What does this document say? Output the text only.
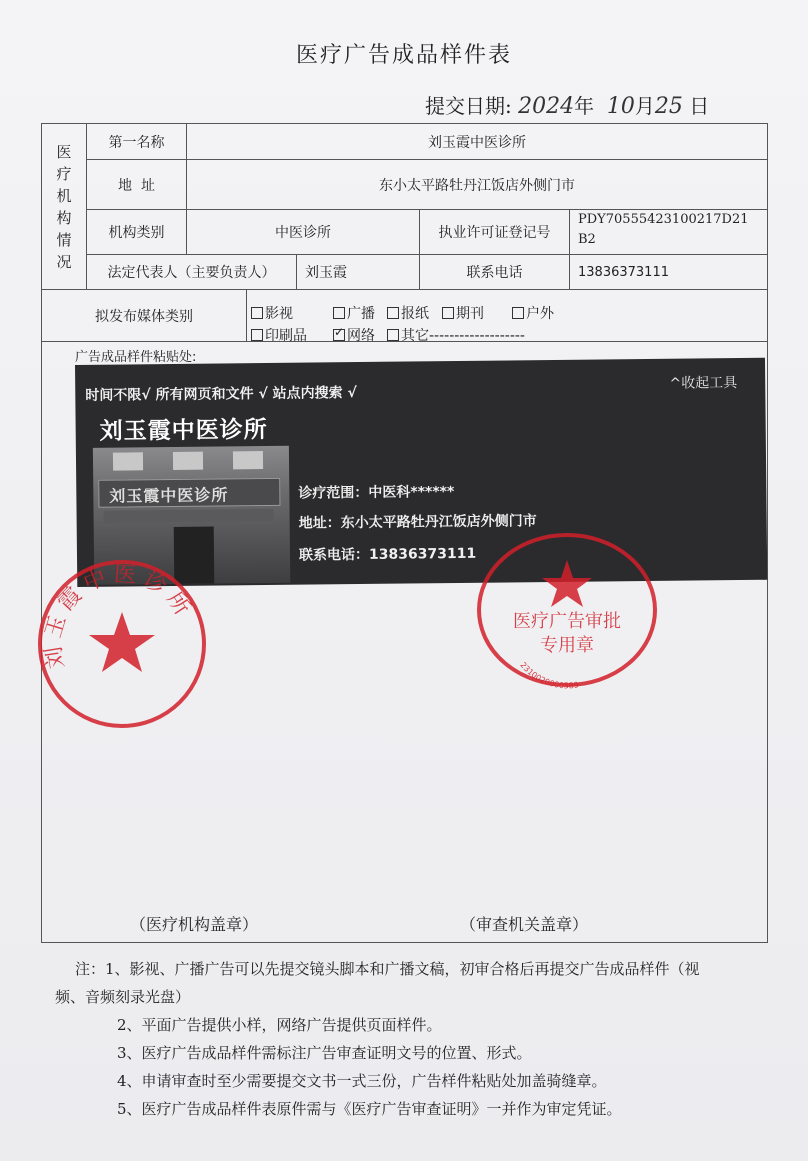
医疗广告成品样件表
提交日期: 2024年 10月25 日
医
疗
机
构
情
况
第一名称	刘玉霞中医诊所
地  址	东小太平路牡丹江饭店外侧门市
机构类别	中医诊所	执业许可证登记号
PDY70555423100217D21
B2
法定代表人（主要负责人）	刘玉霞	联系电话	13836373111
拟发布媒体类别	影视	广播	报纸	期刊	户外
印刷品
✓	网络	其它-------------------
广告成品样件粘贴处:
时间不限√ 所有网页和文件 √ 站点内搜索 √
^收起工具
刘玉霞中医诊所
刘玉霞中医诊所	诊疗范围：中医科******
地址：东小太平路牡丹江饭店外侧门市
联系电话：13836373111
刘玉霞中医诊所	医疗广告审批
专用章
2310020000589
（医疗机构盖章）	（审查机关盖章）
注：1、影视、广播广告可以先提交镜头脚本和广播文稿，初审合格后再提交广告成品样件（视
频、音频刻录光盘）
2、平面广告提供小样，网络广告提供页面样件。
3、医疗广告成品样件需标注广告审查证明文号的位置、形式。
4、申请审查时至少需要提交文书一式三份，广告样件粘贴处加盖骑缝章。
5、医疗广告成品样件表原件需与《医疗广告审查证明》一并作为审定凭证。
